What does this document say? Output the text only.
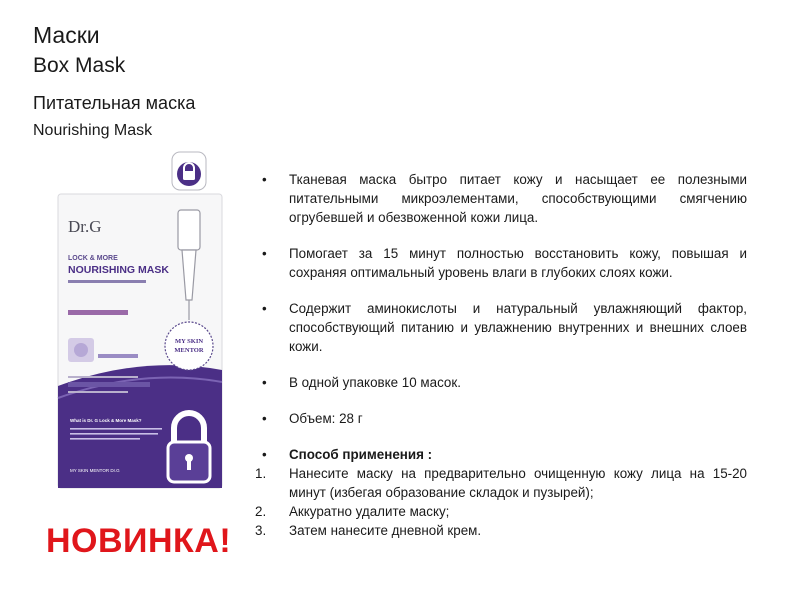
Маски
Box Mask
Питательная маска
Nourishing Mask
Dr.G
LOCK & MORE
NOURISHING MASK
MY SKIN
MENTOR
What is Dr. G Lock & More Mask?
MY SKIN MENTOR Dr.G
• Тканевая маска бытро питает кожу и насыщает ее полезными питательными микроэлементами, способствующими смягчению огрубевшей и обезвоженной кожи лица.
• Помогает за 15 минут полностью восстановить кожу, повышая и сохраняя оптимальный уровень влаги в глубоких слоях кожи.
• Содержит аминокислоты и натуральный увлажняющий фактор, способствующий питанию и увлажнению внутренних и внешних слоев кожи.
• В одной упаковке 10 масок.
• Объем: 28 г
• Способ применения :
1. Нанесите маску на предварительно очищенную кожу лица на 15-20 минут (избегая образование складок и пузырей);
2. Аккуратно удалите маску;
3. Затем нанесите дневной крем.
НОВИНКА!
